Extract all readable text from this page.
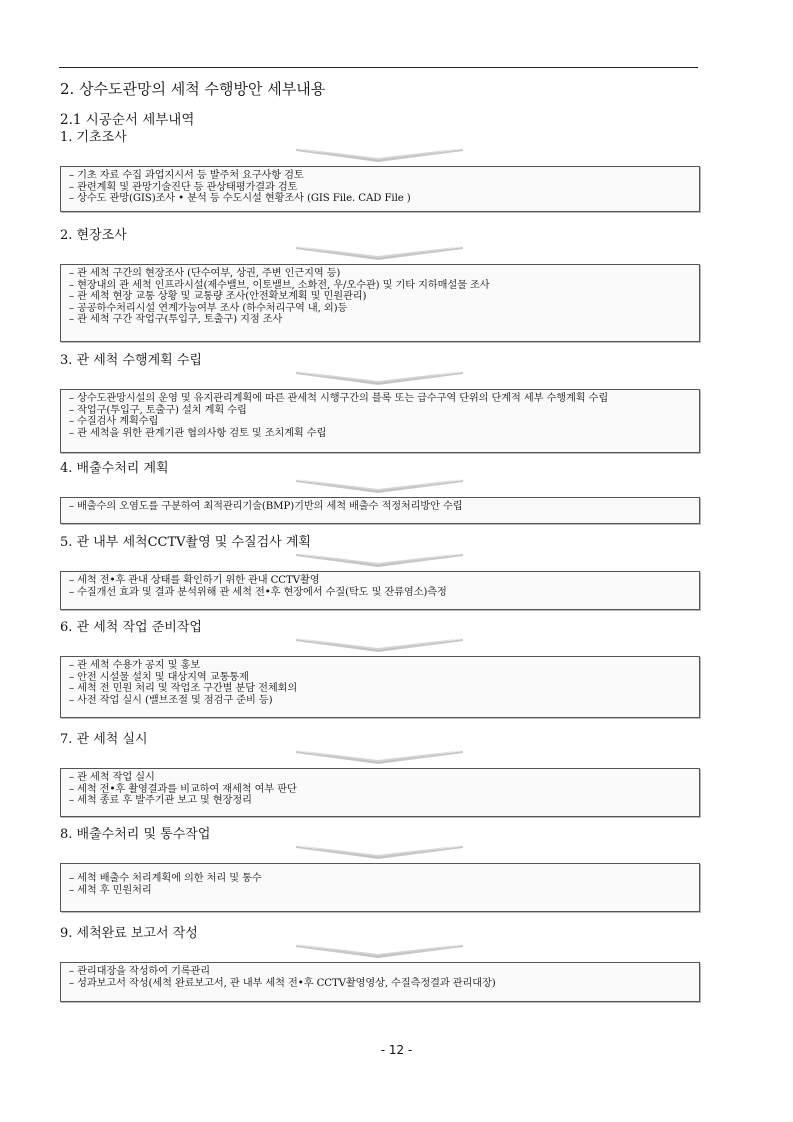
2. 상수도관망의 세척 수행방안 세부내용
2.1 시공순서 세부내역
1. 기초조사
– 기초 자료 수집 과업지시서 등 발주처 요구사항 검토
– 관련계획 및 관망기술진단 등 관상태평가결과 검토
– 상수도 관망(GIS)조사 • 분석 등 수도시설 현황조사 (GIS File. CAD File )
2. 현장조사
– 관 세척 구간의 현장조사 (단수여부, 상권, 주변 인근지역 등)
– 현장내의 관 세척 인프라시설(제수밸브, 이토밸브, 소화전, 우/오수관) 및 기타 지하매설물 조사
– 관 세척 현장 교통 상황 및 교통량 조사(안전확보계획 및 민원관리)
– 공공하수처리시설 연계가능여부 조사 (하수처리구역 내, 외)등
– 관 세척 구간 작업구(투입구, 토출구) 지점 조사
3. 관 세척 수행계획 수립
– 상수도관망시설의 운영 및 유지관리계획에 따른 관세척 시행구간의 블록 또는 급수구역 단위의 단계적 세부 수행계획 수립
– 작업구(투입구, 토출구) 설치 계획 수립
– 수질검사 계획수립
– 관 세척을 위한 관계기관 협의사항 검토 및 조치계획 수립
4. 배출수처리 계획
– 배출수의 오염도를 구분하여 최적관리기술(BMP)기반의 세척 배출수 적정처리방안 수립
5. 관 내부 세척CCTV촬영 및 수질검사 계획
– 세척 전•후 관내 상태를 확인하기 위한 관내 CCTV촬영
– 수질개선 효과 및 결과 분석위해 관 세척 전•후 현장에서 수질(탁도 및 잔류염소)측정
6. 관 세척 작업 준비작업
– 관 세척 수용가 공지 및 홍보
– 안전 시설물 설치 및 대상지역 교통통제
– 세척 전 민원 처리 및 작업조 구간별 분담 전체회의
– 사전 작업 실시 (밸브조절 및 점검구 준비 등)
7. 관 세척 실시
– 관 세척 작업 실시
– 세척 전•후 촬영결과를 비교하여 재세척 여부 판단
– 세척 종료 후 발주기관 보고 및 현장정리
8. 배출수처리 및 통수작업
– 세척 배출수 처리계획에 의한 처리 및 통수
– 세척 후 민원처리
9. 세척완료 보고서 작성
– 관리대장을 작성하여 기록관리
– 성과보고서 작성(세척 완료보고서, 관 내부 세척 전•후 CCTV촬영영상, 수질측정결과 관리대장)
- 12 -
